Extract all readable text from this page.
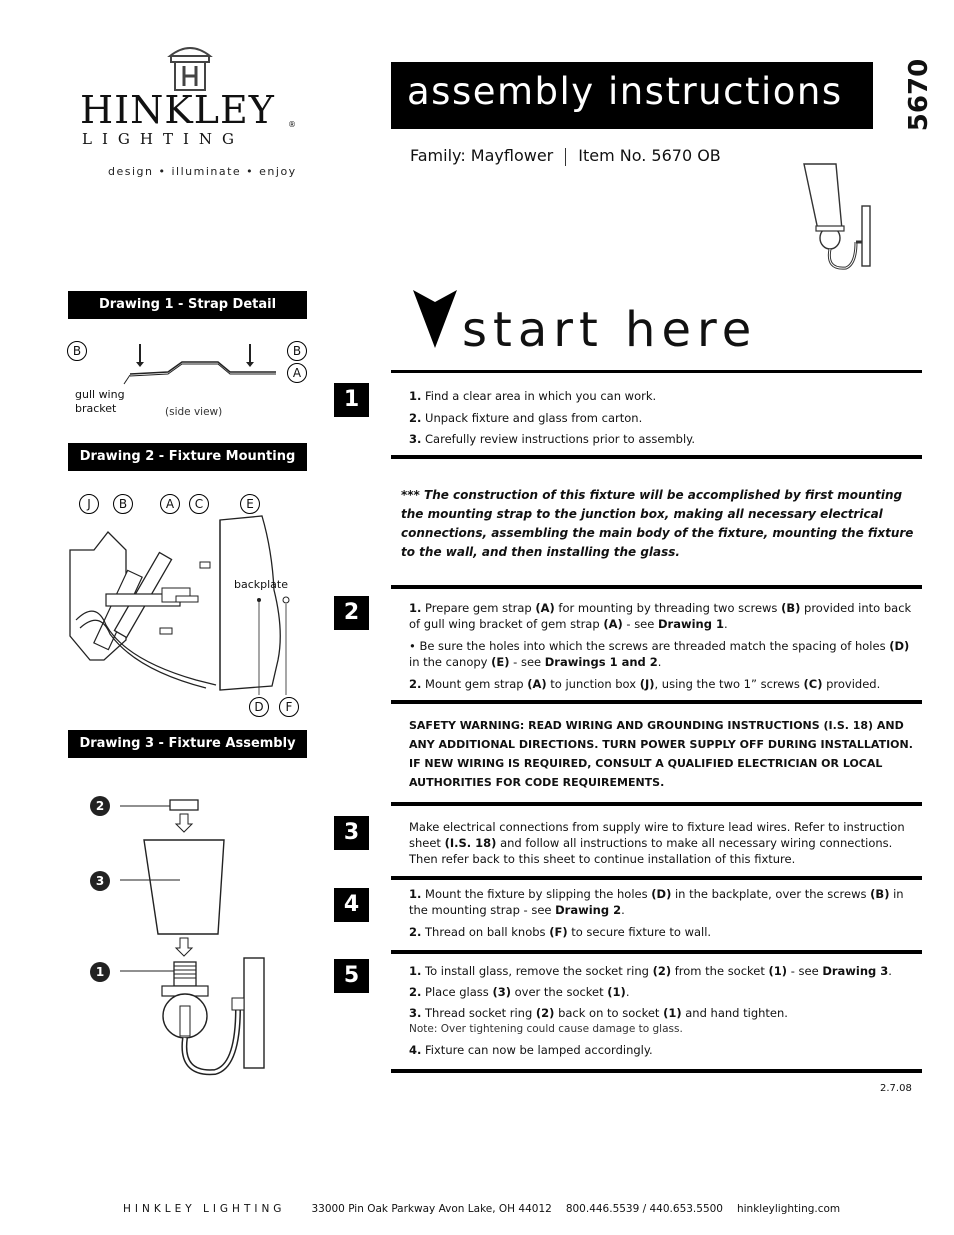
HINKLEY ®
LIGHTING
design • illuminate • enjoy
assembly instructions 5670
Family: Mayflower Item No. 5670 OB
Drawing 1 - Strap Detail
B	B
A
gull wing
bracket	(side view)
Drawing 2 - Fixture Mounting
J	B	A	C	E
backplate
D	F
Drawing 3 - Fixture Assembly
2
3
1
start here
1	1. Find a clear area in which you can work.
2. Unpack fixture and glass from carton.
3. Carefully review instructions prior to assembly.
*** The construction of this fixture will be accomplished by first mounting the mounting strap to the junction box, making all necessary electrical connections, assembling the main body of the fixture, mounting the fixture to the wall, and then installing the glass.
2	1. Prepare gem strap (A) for mounting by threading two screws (B) provided into back of gull wing bracket of gem strap (A) - see Drawing 1.
• Be sure the holes into which the screws are threaded match the spacing of holes (D) in the canopy (E) - see Drawings 1 and 2.
2. Mount gem strap (A) to junction box (J), using the two 1” screws (C) provided.
SAFETY WARNING: READ WIRING AND GROUNDING INSTRUCTIONS (I.S. 18) AND ANY ADDITIONAL DIRECTIONS. TURN POWER SUPPLY OFF DURING INSTALLATION. IF NEW WIRING IS REQUIRED, CONSULT A QUALIFIED ELECTRICIAN OR LOCAL AUTHORITIES FOR CODE REQUIREMENTS.
3	Make electrical connections from supply wire to fixture lead wires. Refer to instruction sheet (I.S. 18) and follow all instructions to make all necessary wiring connections. Then refer back to this sheet to continue installation of this fixture.
4	1. Mount the fixture by slipping the holes (D) in the backplate, over the screws (B) in the mounting strap - see Drawing 2.
2. Thread on ball knobs (F) to secure fixture to wall.
5	1. To install glass, remove the socket ring (2) from the socket (1) - see Drawing 3.
2. Place glass (3) over the socket (1).
3. Thread socket ring (2) back on to socket (1) and hand tighten.
Note: Over tightening could cause damage to glass.
4. Fixture can now be lamped accordingly.
2.7.08
HINKLEY LIGHTING 33000 Pin Oak Parkway Avon Lake, OH 44012 800.446.5539 / 440.653.5500 hinkleylighting.com
